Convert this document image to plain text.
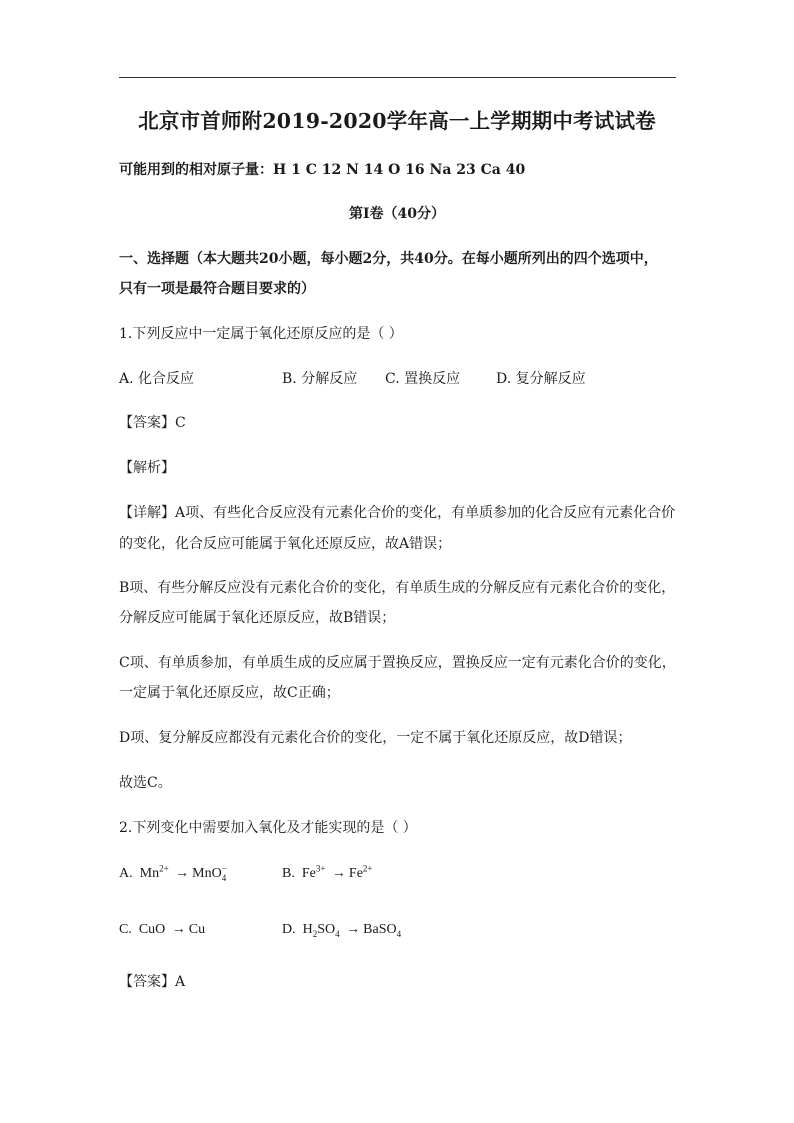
北京市首师附2019-2020学年高一上学期期中考试试卷
可能用到的相对原子量：H 1 C 12 N 14 O 16 Na 23 Ca 40
第Ⅰ卷（40分）
一、选择题（本大题共20小题，每小题2分，共40分。在每小题所列出的四个选项中，
只有一项是最符合题目要求的）
1.下列反应中一定属于氧化还原反应的是（ ）
A. 化合反应	B. 分解反应 C. 置换反应	D. 复分解反应
【答案】C
【解析】
【详解】A项、有些化合反应没有元素化合价的变化，有单质参加的化合反应有元素化合价
的变化，化合反应可能属于氧化还原反应，故A错误；
B项、有些分解反应没有元素化合价的变化，有单质生成的分解反应有元素化合价的变化，
分解反应可能属于氧化还原反应，故B错误；
C项、有单质参加，有单质生成的反应属于置换反应，置换反应一定有元素化合价的变化，
一定属于氧化还原反应，故C正确；
D项、复分解反应都没有元素化合价的变化，一定不属于氧化还原反应，故D错误；
故选C。
2.下列变化中需要加入氧化及才能实现的是（ ）
A. $Mn^{2+} \to MnO^-_4$	B. $Fe^{3+} \to Fe^{2+}$
C. CuO → Cu	D. $H_2SO_4$ → BaSO$_4$
【答案】A
